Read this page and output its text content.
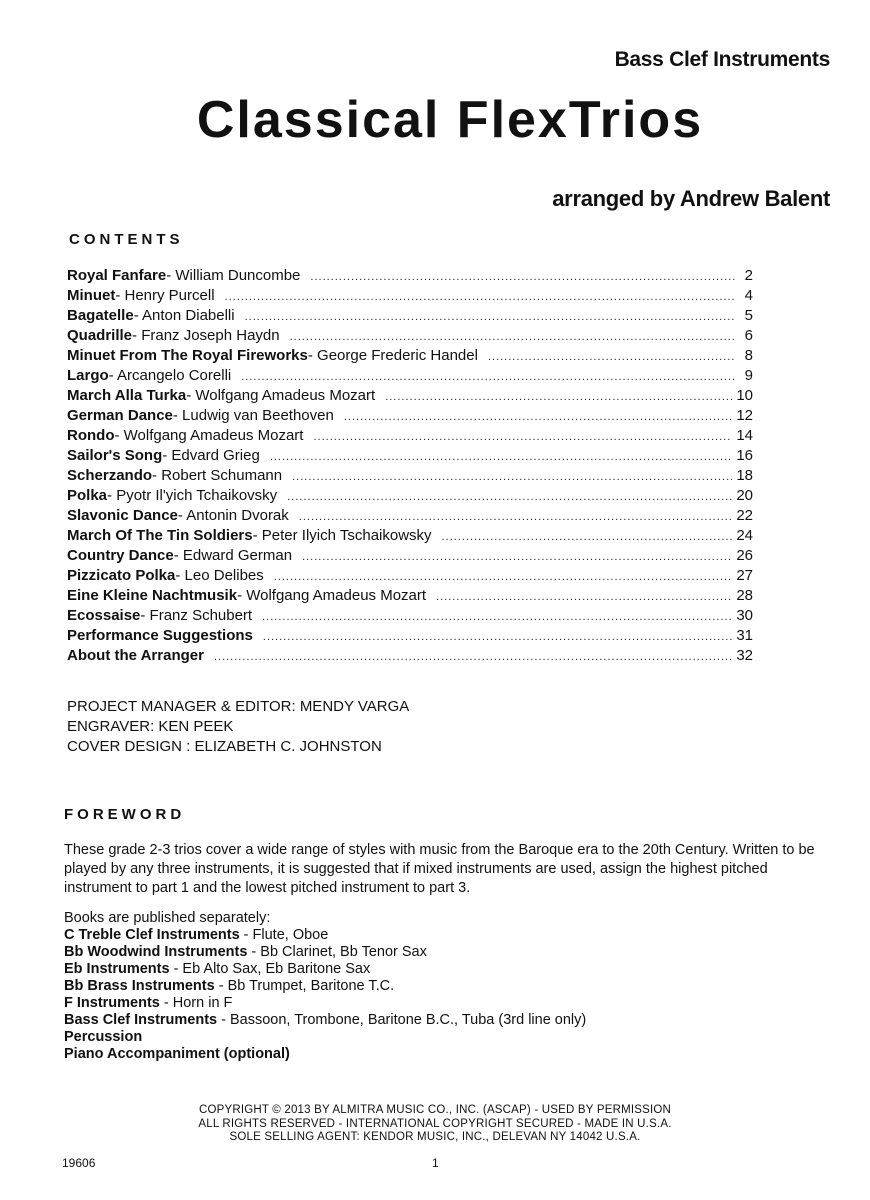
Bass Clef Instruments
Classical FlexTrios
arranged by Andrew Balent
CONTENTS
Royal Fanfare - William Duncombe .....	2
Minuet - Henry Purcell .....	4
Bagatelle - Anton Diabelli .....	5
Quadrille - Franz Joseph Haydn .....	6
Minuet From The Royal Fireworks - George Frederic Handel .....	8
Largo - Arcangelo Corelli .....	9
March Alla Turka - Wolfgang Amadeus Mozart .....	10
German Dance - Ludwig van Beethoven .....	12
Rondo - Wolfgang Amadeus Mozart .....	14
Sailor's Song - Edvard Grieg .....	16
Scherzando - Robert Schumann .....	18
Polka - Pyotr Il'yich Tchaikovsky .....	20
Slavonic Dance - Antonin Dvorak .....	22
March Of The Tin Soldiers - Peter Ilyich Tschaikowsky .....	24
Country Dance - Edward German .....	26
Pizzicato Polka - Leo Delibes .....	27
Eine Kleine Nachtmusik - Wolfgang Amadeus Mozart .....	28
Ecossaise - Franz Schubert .....	30
Performance Suggestions .....	31
About the Arranger .....	32
PROJECT MANAGER & EDITOR: MENDY VARGA
ENGRAVER: KEN PEEK
COVER DESIGN : ELIZABETH C. JOHNSTON
FOREWORD

These grade 2-3 trios cover a wide range of styles with music from the Baroque era to the 20th Century. Written to be played by any three instruments, it is suggested that if mixed instruments are used, assign the highest pitched instrument to part 1 and the lowest pitched instrument to part 3.

Books are published separately:
C Treble Clef Instruments - Flute, Oboe
Bb Woodwind Instruments - Bb Clarinet, Bb Tenor Sax
Eb Instruments - Eb Alto Sax, Eb Baritone Sax
Bb Brass Instruments - Bb Trumpet, Baritone T.C.
F Instruments - Horn in F
Bass Clef Instruments - Bassoon, Trombone, Baritone B.C., Tuba (3rd line only)
Percussion
Piano Accompaniment (optional)
COPYRIGHT © 2013 BY ALMITRA MUSIC CO., INC. (ASCAP) - USED BY PERMISSION
ALL RIGHTS RESERVED - INTERNATIONAL COPYRIGHT SECURED - MADE IN U.S.A.
SOLE SELLING AGENT: KENDOR MUSIC, INC., DELEVAN NY 14042 U.S.A.
19606	1
